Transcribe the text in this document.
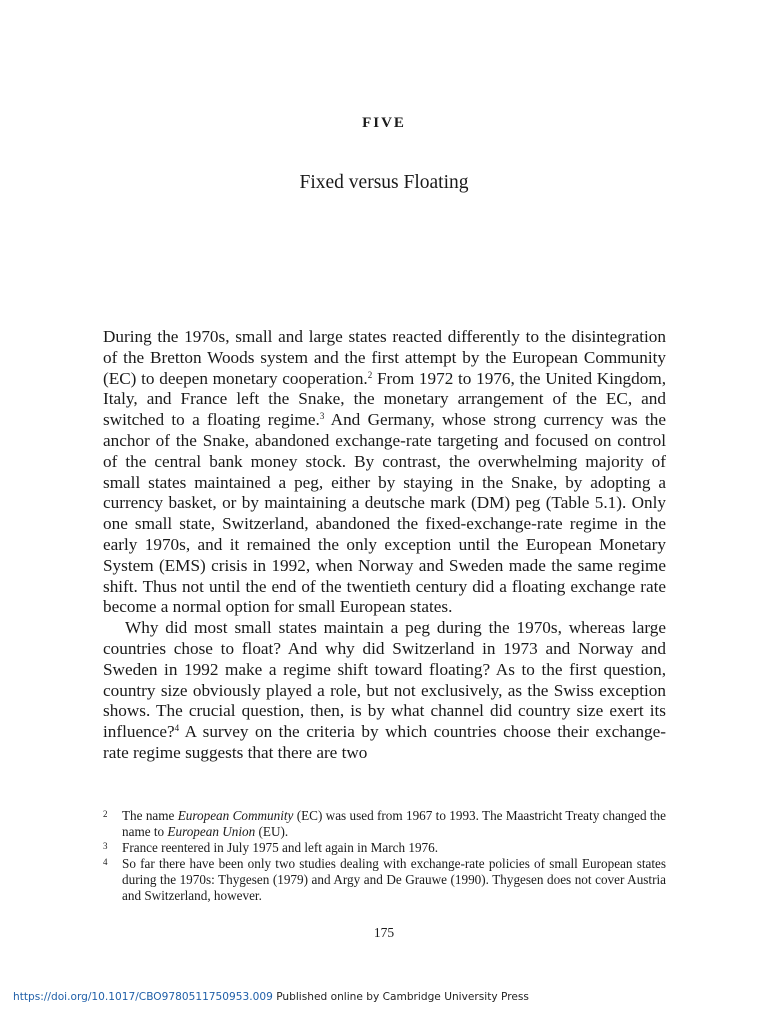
FIVE
Fixed versus Floating

During the 1970s, small and large states reacted differently to the disintegration of the Bretton Woods system and the first attempt by the European Community (EC) to deepen monetary cooperation.$^2$ From 1972 to 1976, the United Kingdom, Italy, and France left the Snake, the monetary arrangement of the EC, and switched to a floating regime.$^3$ And Germany, whose strong currency was the anchor of the Snake, abandoned exchange-rate targeting and focused on control of the central bank money stock. By contrast, the overwhelming majority of small states maintained a peg, either by staying in the Snake, by adopting a currency basket, or by maintaining a deutsche mark (DM) peg (Table 5.1). Only one small state, Switzerland, abandoned the fixed-exchange-rate regime in the early 1970s, and it remained the only exception until the European Monetary System (EMS) crisis in 1992, when Norway and Sweden made the same regime shift. Thus not until the end of the twentieth century did a floating exchange rate become a normal option for small European states.

Why did most small states maintain a peg during the 1970s, whereas large countries chose to float? And why did Switzerland in 1973 and Norway and Sweden in 1992 make a regime shift toward floating? As to the first question, country size obviously played a role, but not exclusively, as the Swiss exception shows. The crucial question, then, is by what channel did country size exert its influence?$^4$ A survey on the criteria by which countries choose their exchange-rate regime suggests that there are two

2 The name European Community (EC) was used from 1967 to 1993. The Maastricht Treaty changed the name to European Union (EU).
3 France reentered in July 1975 and left again in March 1976.
4 So far there have been only two studies dealing with exchange-rate policies of small European states during the 1970s: Thygesen (1979) and Argy and De Grauwe (1990). Thygesen does not cover Austria and Switzerland, however.
175
https://doi.org/10.1017/CBO9780511750953.009 Published online by Cambridge University Press
